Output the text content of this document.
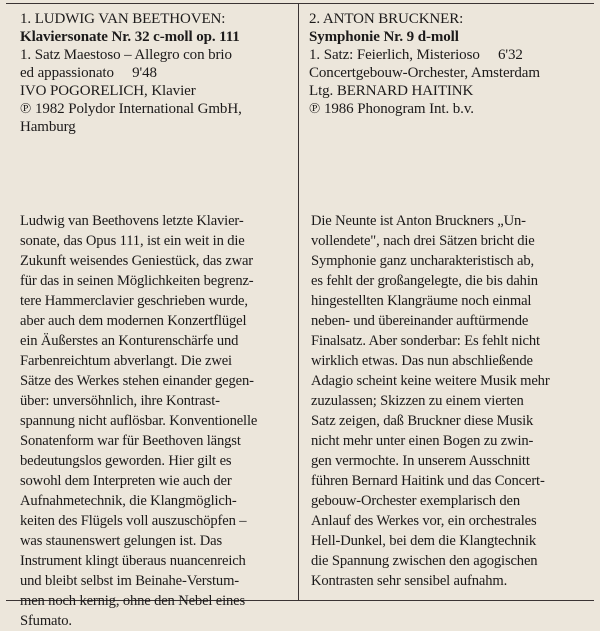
1. LUDWIG VAN BEETHOVEN:
Klaviersonate Nr. 32 c-moll op. 111
1. Satz Maestoso – Allegro con brio
ed appassionato     9'48
IVO POGORELICH, Klavier
℗ 1982 Polydor International GmbH,
Hamburg
2. ANTON BRUCKNER:
Symphonie Nr. 9 d-moll
1. Satz: Feierlich, Misterioso     6'32
Concertgebouw-Orchester, Amsterdam
Ltg. BERNARD HAITINK
℗ 1986 Phonogram Int. b.v.
Ludwig van Beethovens letzte Klavier-
sonate, das Opus 111, ist ein weit in die
Zukunft weisendes Geniestück, das zwar
für das in seinen Möglichkeiten begrenz-
tere Hammerclavier geschrieben wurde,
aber auch dem modernen Konzertflügel
ein Äußerstes an Konturenschärfe und
Farbenreichtum abverlangt. Die zwei
Sätze des Werkes stehen einander gegen-
über: unversöhnlich, ihre Kontrast-
spannung nicht auflösbar. Konventionelle
Sonatenform war für Beethoven längst
bedeutungslos geworden. Hier gilt es
sowohl dem Interpreten wie auch der
Aufnahmetechnik, die Klangmöglich-
keiten des Flügels voll auszuschöpfen –
was staunenswert gelungen ist. Das
Instrument klingt überaus nuancenreich
und bleibt selbst im Beinahe-Verstum-
men noch kernig, ohne den Nebel eines
Sfumato.
Die Neunte ist Anton Bruckners „Un-
vollendete", nach drei Sätzen bricht die
Symphonie ganz uncharakteristisch ab,
es fehlt der großangelegte, die bis dahin
hingestellten Klangräume noch einmal
neben- und übereinander auftürmende
Finalsatz. Aber sonderbar: Es fehlt nicht
wirklich etwas. Das nun abschließende
Adagio scheint keine weitere Musik mehr
zuzulassen; Skizzen zu einem vierten
Satz zeigen, daß Bruckner diese Musik
nicht mehr unter einen Bogen zu zwin-
gen vermochte. In unserem Ausschnitt
führen Bernard Haitink und das Concert-
gebouw-Orchester exemplarisch den
Anlauf des Werkes vor, ein orchestrales
Hell-Dunkel, bei dem die Klangtechnik
die Spannung zwischen den agogischen
Kontrasten sehr sensibel aufnahm.
